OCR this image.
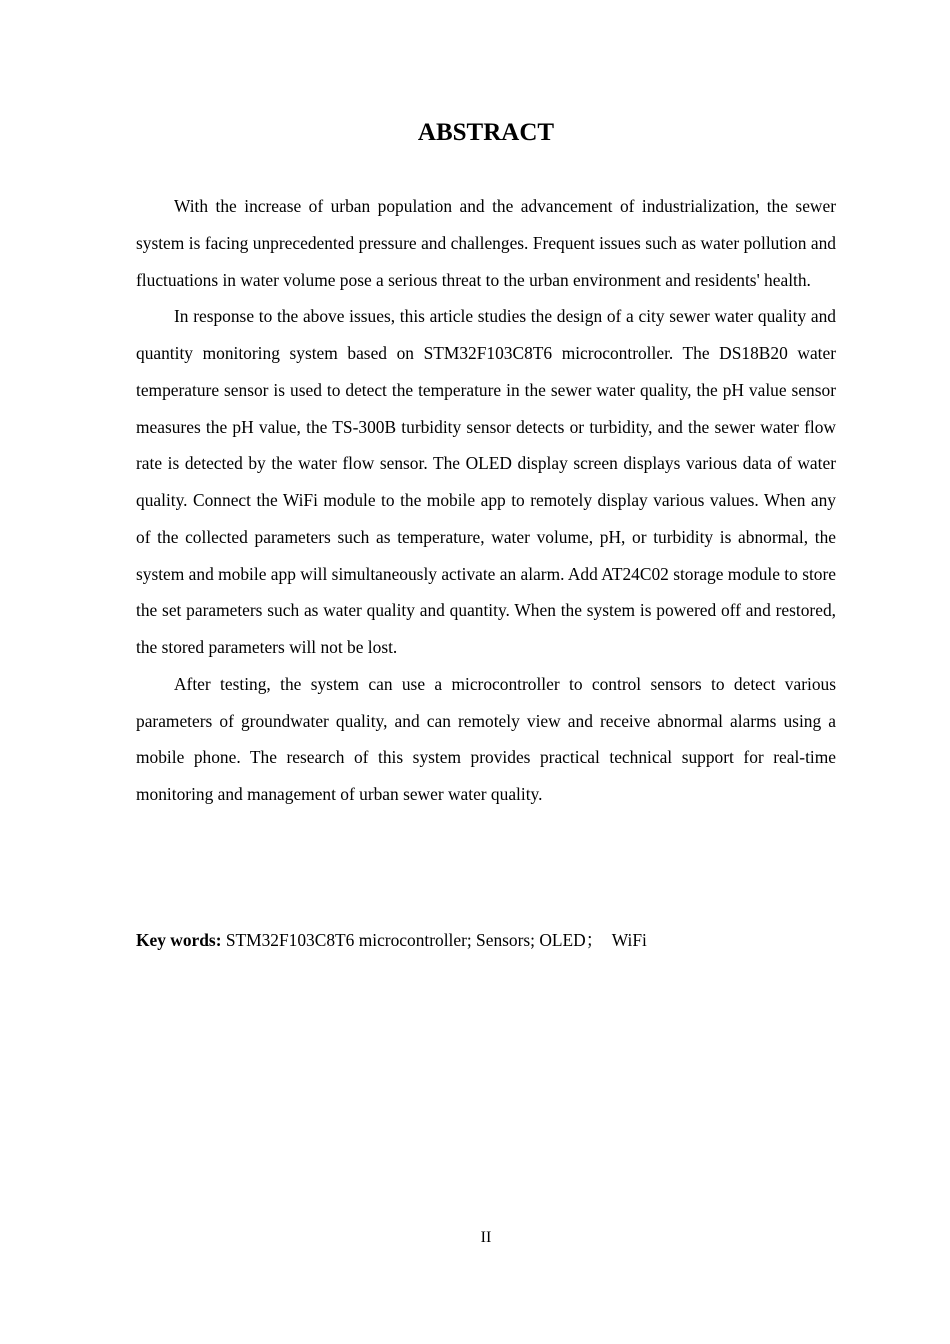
ABSTRACT

With the increase of urban population and the advancement of industrialization, the sewer system is facing unprecedented pressure and challenges. Frequent issues such as water pollution and fluctuations in water volume pose a serious threat to the urban environment and residents' health.

In response to the above issues, this article studies the design of a city sewer water quality and quantity monitoring system based on STM32F103C8T6 microcontroller. The DS18B20 water temperature sensor is used to detect the temperature in the sewer water quality, the pH value sensor measures the pH value, the TS-300B turbidity sensor detects or turbidity, and the sewer water flow rate is detected by the water flow sensor. The OLED display screen displays various data of water quality. Connect the WiFi module to the mobile app to remotely display various values. When any of the collected parameters such as temperature, water volume, pH, or turbidity is abnormal, the system and mobile app will simultaneously activate an alarm. Add AT24C02 storage module to store the set parameters such as water quality and quantity. When the system is powered off and restored, the stored parameters will not be lost.

After testing, the system can use a microcontroller to control sensors to detect various parameters of groundwater quality, and can remotely view and receive abnormal alarms using a mobile phone. The research of this system provides practical technical support for real-time monitoring and management of urban sewer water quality.

Key words: STM32F103C8T6 microcontroller; Sensors; OLED； WiFi

II
